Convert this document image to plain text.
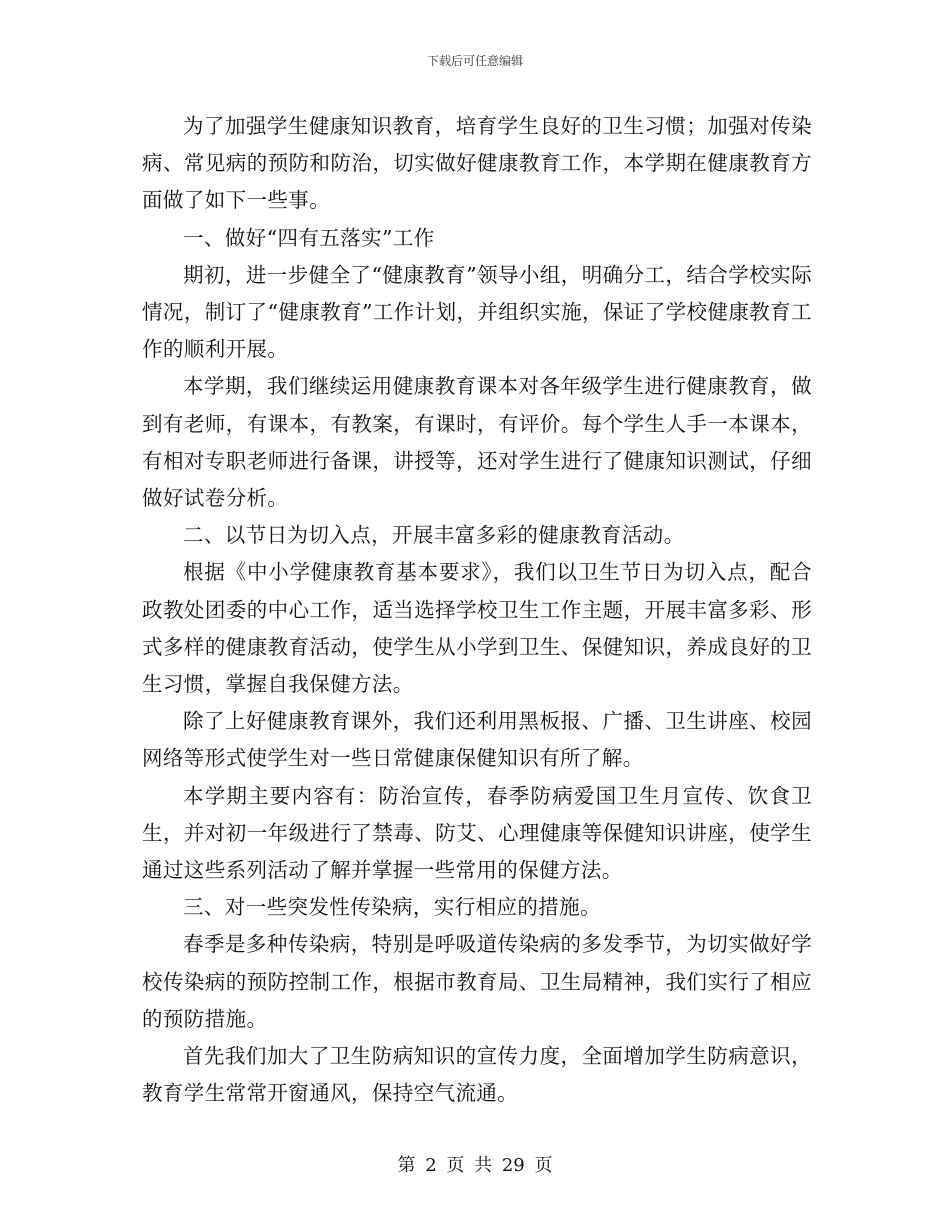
下载后可任意编辑

为了加强学生健康知识教育，培育学生良好的卫生习惯；加强对传染病、常见病的预防和防治，切实做好健康教育工作，本学期在健康教育方面做了如下一些事。

一、做好“四有五落实”工作

期初，进一步健全了“健康教育”领导小组，明确分工，结合学校实际情况，制订了“健康教育”工作计划，并组织实施，保证了学校健康教育工作的顺利开展。

本学期，我们继续运用健康教育课本对各年级学生进行健康教育，做到有老师，有课本，有教案，有课时，有评价。每个学生人手一本课本，有相对专职老师进行备课，讲授等，还对学生进行了健康知识测试，仔细做好试卷分析。

二、以节日为切入点，开展丰富多彩的健康教育活动。

根据《中小学健康教育基本要求》，我们以卫生节日为切入点，配合政教处团委的中心工作，适当选择学校卫生工作主题，开展丰富多彩、形式多样的健康教育活动，使学生从小学到卫生、保健知识，养成良好的卫生习惯，掌握自我保健方法。

除了上好健康教育课外，我们还利用黑板报、广播、卫生讲座、校园网络等形式使学生对一些日常健康保健知识有所了解。

本学期主要内容有：防治宣传，春季防病爱国卫生月宣传、饮食卫生，并对初一年级进行了禁毒、防艾、心理健康等保健知识讲座，使学生通过这些系列活动了解并掌握一些常用的保健方法。

三、对一些突发性传染病，实行相应的措施。

春季是多种传染病，特别是呼吸道传染病的多发季节，为切实做好学校传染病的预防控制工作，根据市教育局、卫生局精神，我们实行了相应的预防措施。

首先我们加大了卫生防病知识的宣传力度，全面增加学生防病意识，教育学生常常开窗通风，保持空气流通。

第 2 页 共 29 页
